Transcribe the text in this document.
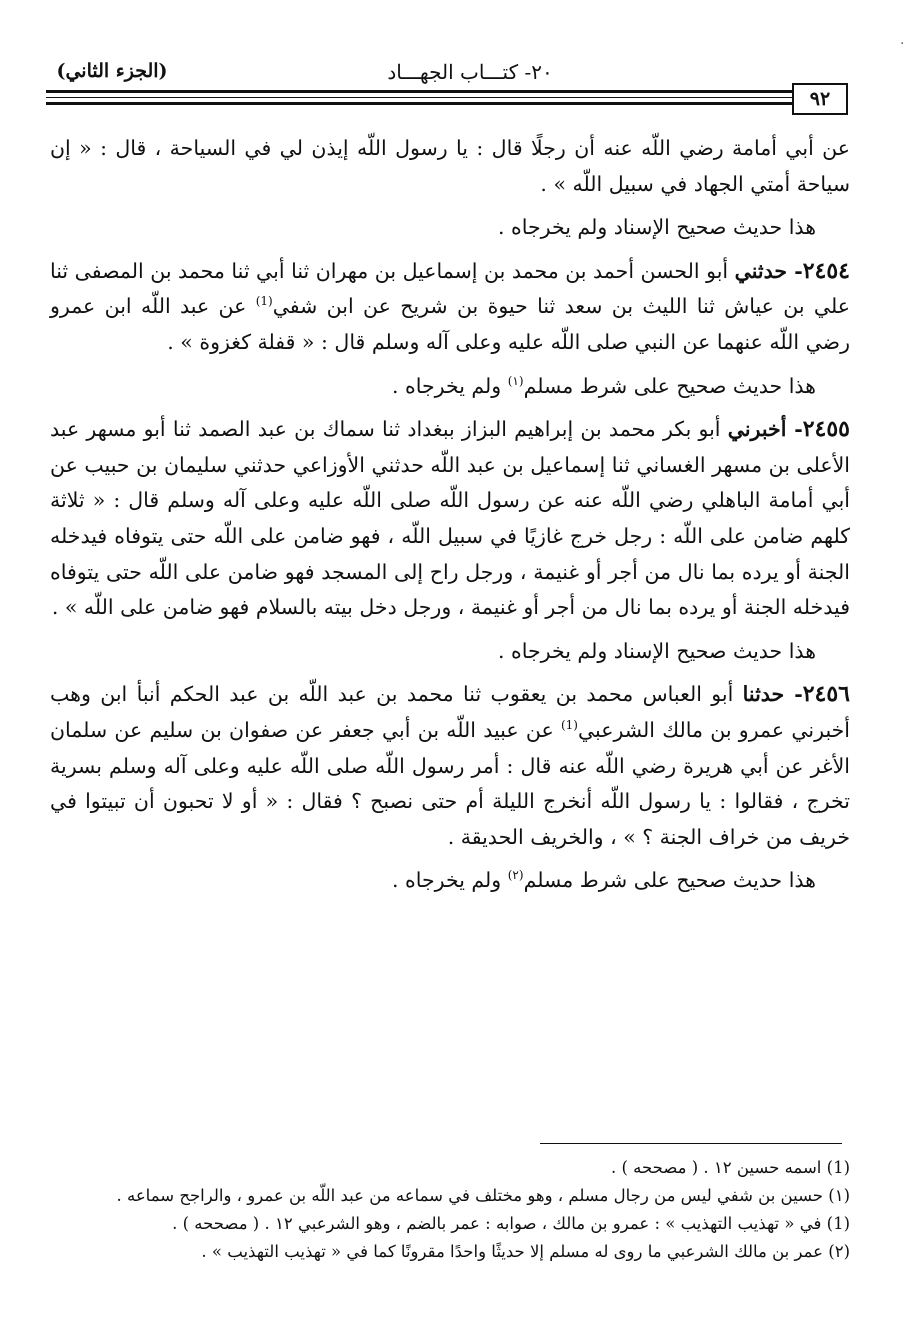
·
(الجزء الثاني)	٢٠- كتـــاب الجهـــاد
٩٢

عن أبي أمامة رضي اللّه عنه أن رجلًا قال : يا رسول اللّه إيذن لي في السياحة ، قال : « إن سياحة أمتي الجهاد في سبيل اللّه » .

هذا حديث صحيح الإسناد ولم يخرجاه .

٢٤٥٤- حدثني أبو الحسن أحمد بن محمد بن إسماعيل بن مهران ثنا أبي ثنا محمد بن المصفى ثنا علي بن عياش ثنا الليث بن سعد ثنا حيوة بن شريح عن ابن شفي$^{(1)}$ عن عبد اللّه ابن عمرو رضي اللّه عنهما عن النبي صلى اللّه عليه وعلى آله وسلم قال : « قفلة كغزوة » .

هذا حديث صحيح على شرط مسلم$^{(١)}$ ولم يخرجاه .

٢٤٥٥- أخبرني أبو بكر محمد بن إبراهيم البزاز ببغداد ثنا سماك بن عبد الصمد ثنا أبو مسهر عبد الأعلى بن مسهر الغساني ثنا إسماعيل بن عبد اللّه حدثني الأوزاعي حدثني سليمان بن حبيب عن أبي أمامة الباهلي رضي اللّه عنه عن رسول اللّه صلى اللّه عليه وعلى آله وسلم قال : « ثلاثة كلهم ضامن على اللّه : رجل خرج غازيًا في سبيل اللّه ، فهو ضامن على اللّه حتى يتوفاه فيدخله الجنة أو يرده بما نال من أجر أو غنيمة ، ورجل راح إلى المسجد فهو ضامن على اللّه حتى يتوفاه فيدخله الجنة أو يرده بما نال من أجر أو غنيمة ، ورجل دخل بيته بالسلام فهو ضامن على اللّه » .

هذا حديث صحيح الإسناد ولم يخرجاه .

٢٤٥٦- حدثنا أبو العباس محمد بن يعقوب ثنا محمد بن عبد اللّه بن عبد الحكم أنبأ ابن وهب أخبرني عمرو بن مالك الشرعبي$^{(1)}$ عن عبيد اللّه بن أبي جعفر عن صفوان بن سليم عن سلمان الأغر عن أبي هريرة رضي اللّه عنه قال : أمر رسول اللّه صلى اللّه عليه وعلى آله وسلم بسرية تخرج ، فقالوا : يا رسول اللّه أنخرج الليلة أم حتى نصبح ؟ فقال : « أو لا تحبون أن تبيتوا في خريف من خراف الجنة ؟ » ، والخريف الحديقة .

هذا حديث صحيح على شرط مسلم$^{(٢)}$ ولم يخرجاه .

(1) اسمه حسين ١٢ . ( مصححه ) .

(١) حسين بن شفي ليس من رجال مسلم ، وهو مختلف في سماعه من عبد اللّه بن عمرو ، والراجح سماعه .

(1) في « تهذيب التهذيب » : عمرو بن مالك ، صوابه : عمر بالضم ، وهو الشرعبي ١٢ . ( مصححه ) .

(٢) عمر بن مالك الشرعبي ما روى له مسلم إلا حديثًا واحدًا مقرونًا كما في « تهذيب التهذيب » .
